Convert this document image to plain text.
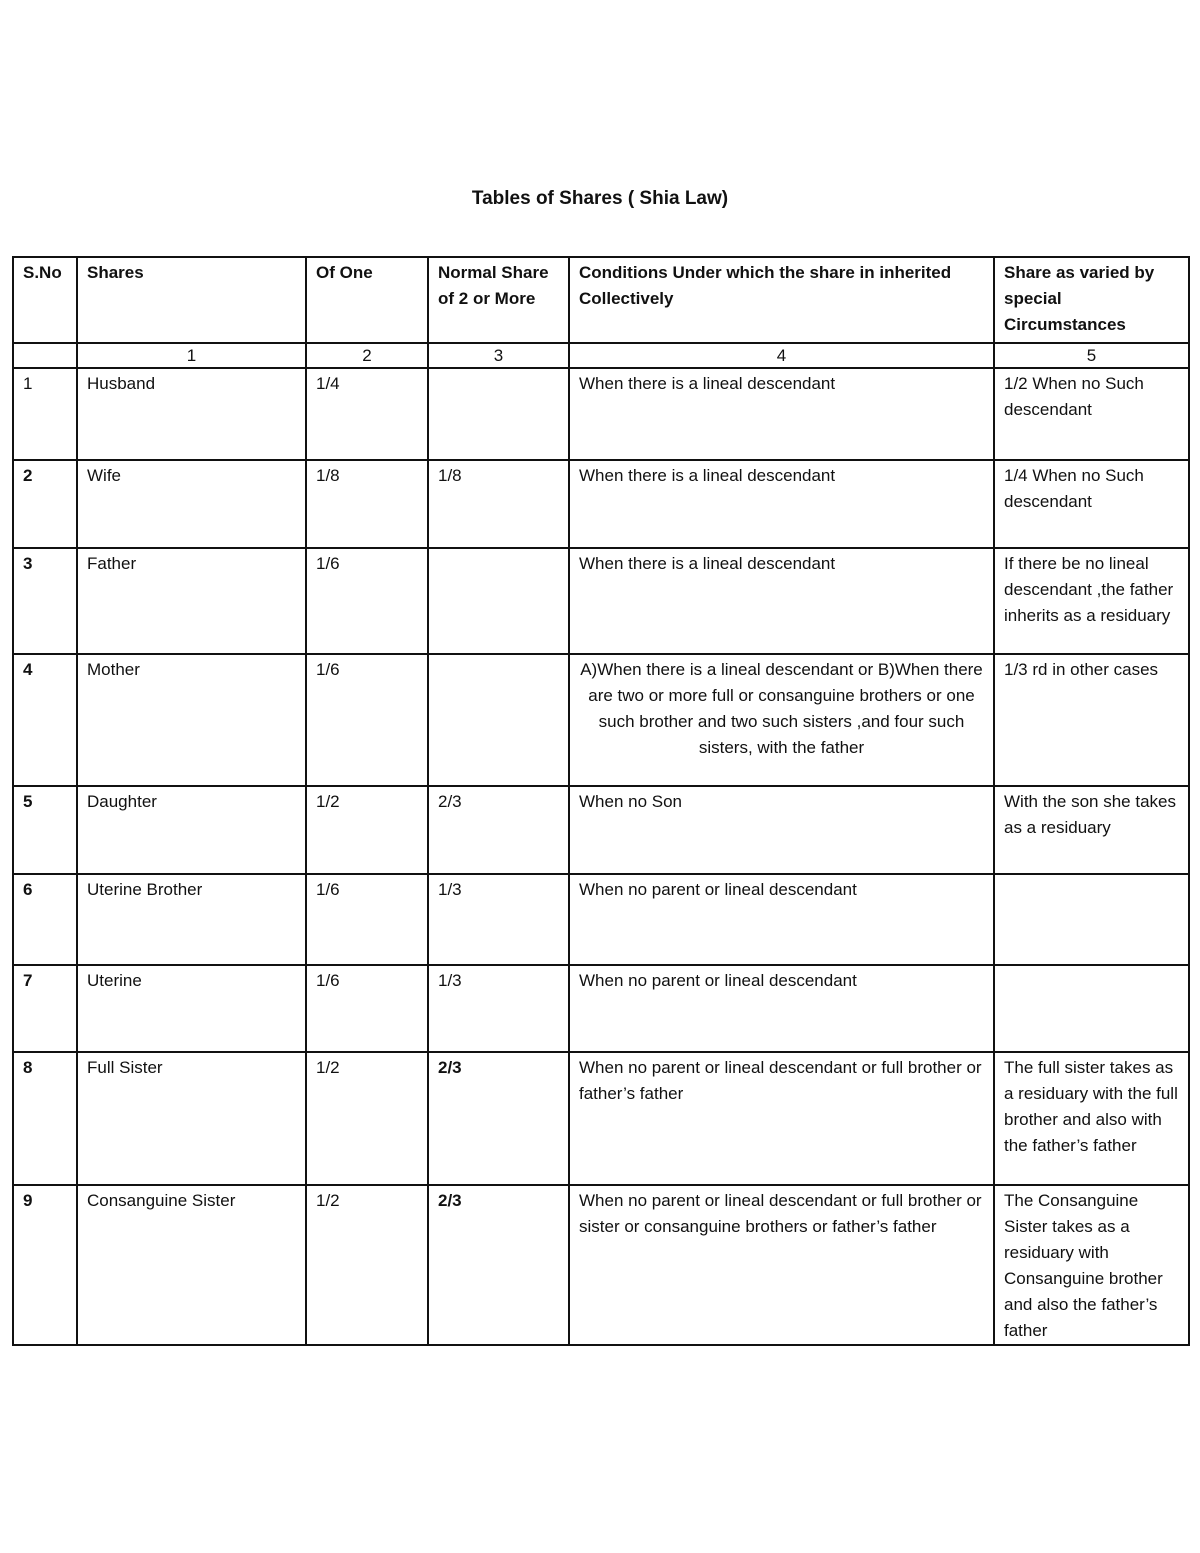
Tables of Shares ( Shia Law)
S.No	Shares	Of One	Normal Share of 2 or More	Conditions Under which the share in inherited Collectively	Share as varied by special Circumstances
	1	2	3	4	5
1	Husband	1/4		When there is a lineal descendant	1/2 When no Such descendant
2	Wife	1/8	1/8	When there is a lineal descendant	1/4 When no Such descendant
3	Father	1/6		When there is a lineal descendant	If there be no lineal descendant ,the father inherits as a residuary
4	Mother	1/6		A)When there is a lineal descendant or B)When there are two or more full or consanguine brothers or one such brother and two such sisters ,and four such sisters, with the father	1/3 rd in other cases
5	Daughter	1/2	2/3	When no Son	With the son she takes as a residuary
6	Uterine Brother	1/6	1/3	When no parent or lineal descendant	
7	Uterine	1/6	1/3	When no parent or lineal descendant	
8	Full Sister	1/2	2/3	When no parent or lineal descendant or full brother or father’s father	The full sister takes as a residuary with the full brother and also with the father’s father
9	Consanguine Sister	1/2	2/3	When no parent or lineal descendant or full brother or sister or consanguine brothers or father’s father	The Consanguine Sister takes as a residuary with Consanguine brother and also the father’s father
